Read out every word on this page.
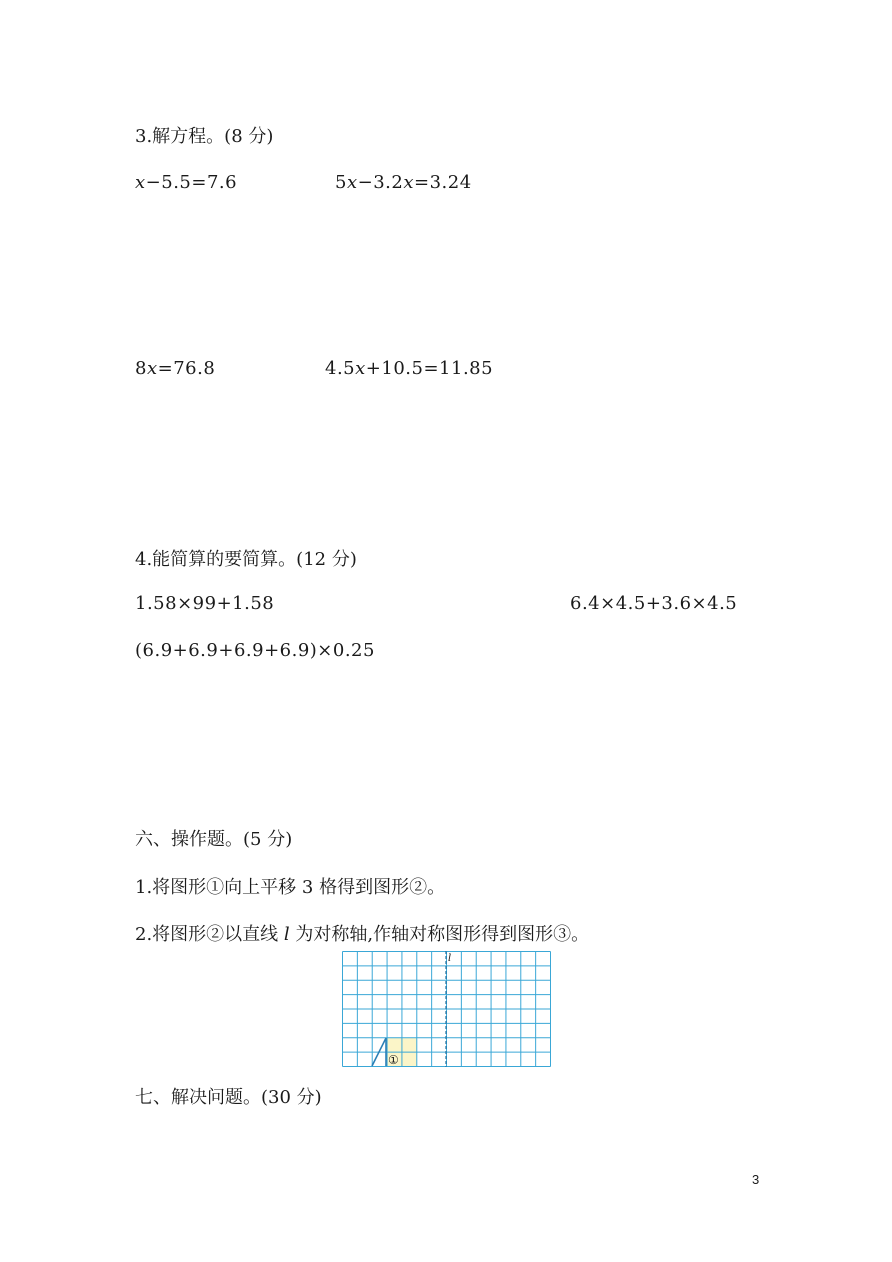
3.解方程。(8 分)
x−5.5=7.6	5x−3.2x=3.24
8x=76.8	4.5x+10.5=11.85
4.能简算的要简算。(12 分)
1.58×99+1.58	6.4×4.5+3.6×4.5
(6.9+6.9+6.9+6.9)×0.25
六、操作题。(5 分)
1.将图形①向上平移 3 格得到图形②。
2.将图形②以直线 l 为对称轴,作轴对称图形得到图形③。
l
①
七、解决问题。(30 分)
3
